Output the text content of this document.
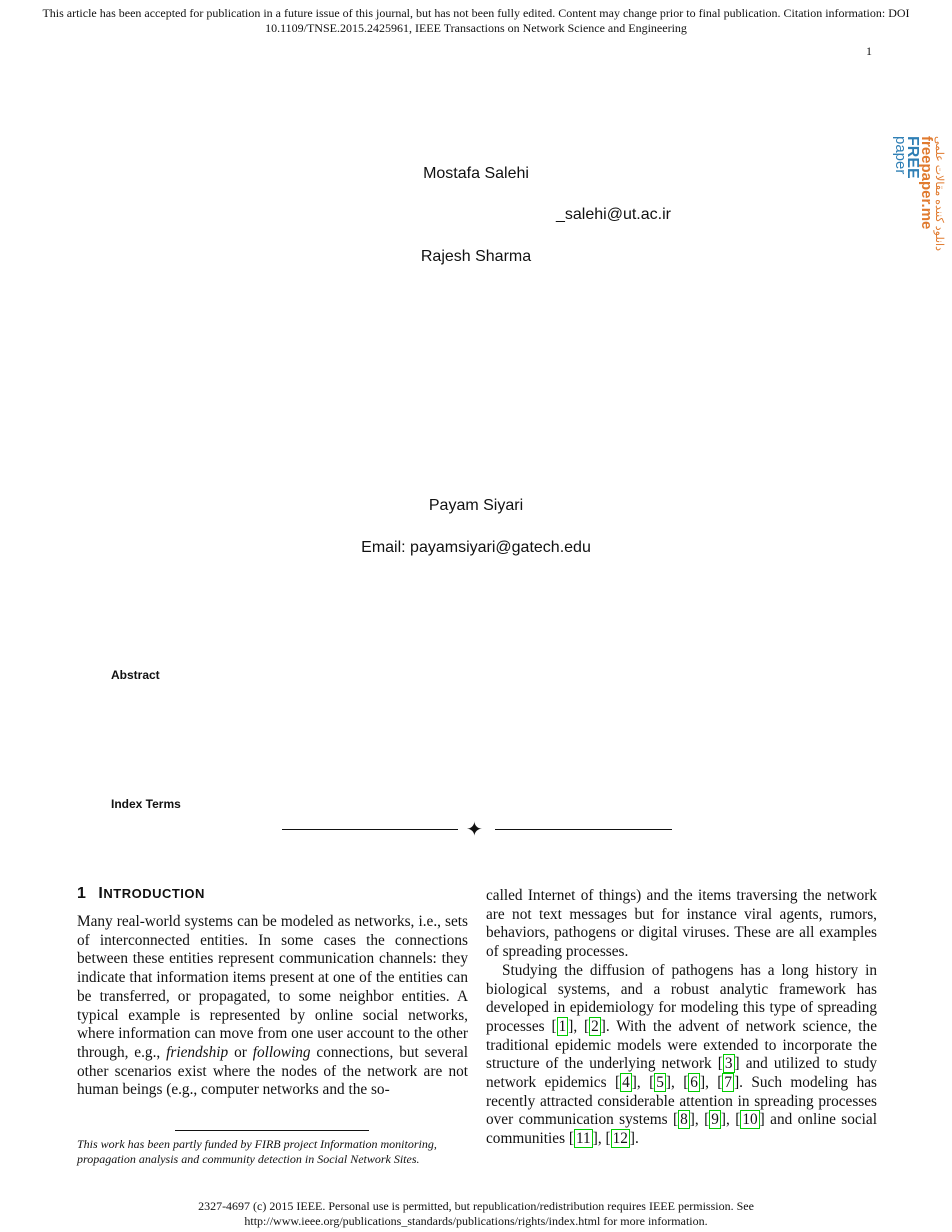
This article has been accepted for publication in a future issue of this journal, but has not been fully edited. Content may change prior to final publication. Citation information: DOI
10.1109/TNSE.2015.2425961, IEEE Transactions on Network Science and Engineering
1
دانلود کننده مقالات علمی
freepaper.me
FREE
paper
Mostafa Salehi
_salehi@ut.ac.ir
Rajesh Sharma
Payam Siyari
Email: payamsiyari@gatech.edu
Abstract
Index Terms
✦
1 INTRODUCTION

Many real-world systems can be modeled as networks, i.e., sets of interconnected entities. In some cases the connections between these entities represent communication channels: they indicate that information items present at one of the entities can be transferred, or propagated, to some neighbor entities. A typical example is represented by online social networks, where information can move from one user account to the other through, e.g., friendship or following connections, but several other scenarios exist where the nodes of the network are not human beings (e.g., computer networks and the so-

This work has been partly funded by FIRB project Information monitoring, propagation analysis and community detection in Social Network Sites.

called Internet of things) and the items traversing the network are not text messages but for instance viral agents, rumors, behaviors, pathogens or digital viruses. These are all examples of spreading processes.

Studying the diffusion of pathogens has a long history in biological systems, and a robust analytic framework has developed in epidemiology for modeling this type of spreading processes [ 1 ], [ 2 ]. With the advent of network science, the traditional epidemic models were extended to incorporate the structure of the underlying network [ 3 ] and utilized to study network epidemics [ 4 ], [ 5 ], [ 6 ], [ 7 ]. Such modeling has recently attracted considerable attention in spreading processes over communication systems [ 8 ], [ 9 ], [ 10 ] and online social communities [ 11 ], [ 12 ].

2327-4697 (c) 2015 IEEE. Personal use is permitted, but republication/redistribution requires IEEE permission. See
http://www.ieee.org/publications_standards/publications/rights/index.html for more information.
